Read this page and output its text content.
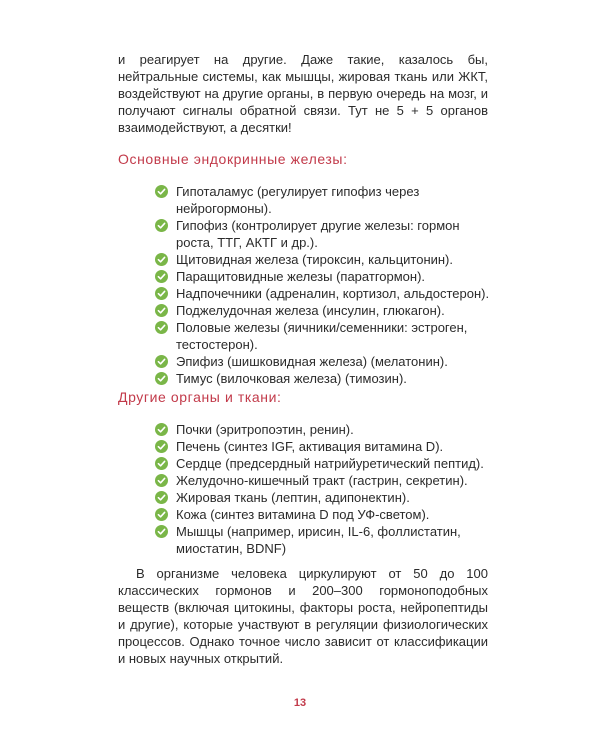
и реагирует на другие. Даже такие, казалось бы, нейтральные системы, как мышцы, жировая ткань или ЖКТ, воздействуют на другие органы, в первую очередь на мозг, и получают сигналы обратной связи. Тут не 5 + 5 органов взаимодействуют, а десятки!

Основные эндокринные железы:
Гипоталамус (регулирует гипофиз через нейрогормоны).
Гипофиз (контролирует другие железы: гормон роста, ТТГ, АКТГ и др.).
Щитовидная железа (тироксин, кальцитонин).
Паращитовидные железы (паратгормон).
Надпочечники (адреналин, кортизол, альдостерон).
Поджелудочная железа (инсулин, глюкагон).
Половые железы (яичники/семенники: эстроген, тестостерон).
Эпифиз (шишковидная железа) (мелатонин).
Тимус (вилочковая железа) (тимозин).
Другие органы и ткани:
Почки (эритропоэтин, ренин).
Печень (синтез IGF, активация витамина D).
Сердце (предсердный натрийуретический пептид).
Желудочно-кишечный тракт (гастрин, секретин).
Жировая ткань (лептин, адипонектин).
Кожа (синтез витамина D под УФ-светом).
Мышцы (например, ирисин, IL-6, фоллистатин, миостатин, BDNF)

В организме человека циркулируют от 50 до 100 классических гормонов и 200–300 гормоноподобных веществ (включая цитокины, факторы роста, нейропептиды и другие), которые участвуют в регуляции физиологических процессов. Однако точное число зависит от классификации и новых научных открытий.

13
